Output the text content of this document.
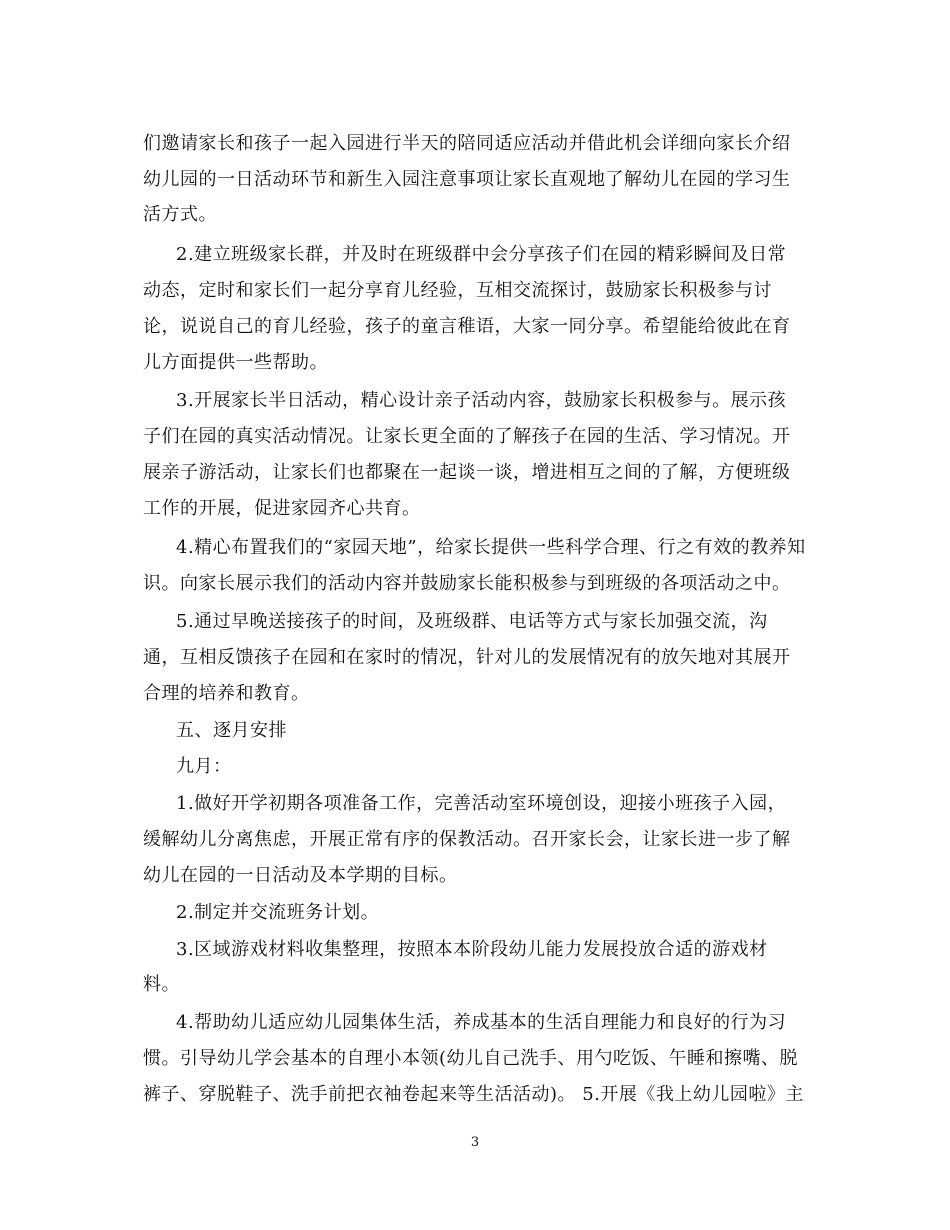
们邀请家长和孩子一起入园进行半天的陪同适应活动并借此机会详细向家长介绍
幼儿园的一日活动环节和新生入园注意事项让家长直观地了解幼儿在园的学习生
活方式。
2.建立班级家长群，并及时在班级群中会分享孩子们在园的精彩瞬间及日常
动态，定时和家长们一起分享育儿经验，互相交流探讨，鼓励家长积极参与讨
论，说说自己的育儿经验，孩子的童言稚语，大家一同分享。希望能给彼此在育
儿方面提供一些帮助。
3.开展家长半日活动，精心设计亲子活动内容，鼓励家长积极参与。展示孩
子们在园的真实活动情况。让家长更全面的了解孩子在园的生活、学习情况。开
展亲子游活动，让家长们也都聚在一起谈一谈，增进相互之间的了解，方便班级
工作的开展，促进家园齐心共育。
4.精心布置我们的“家园天地”，给家长提供一些科学合理、行之有效的教养知
识。向家长展示我们的活动内容并鼓励家长能积极参与到班级的各项活动之中。
5.通过早晚送接孩子的时间，及班级群、电话等方式与家长加强交流，沟
通，互相反馈孩子在园和在家时的情况，针对儿的发展情况有的放矢地对其展开
合理的培养和教育。
五、逐月安排
九月：
1.做好开学初期各项准备工作，完善活动室环境创设，迎接小班孩子入园，
缓解幼儿分离焦虑，开展正常有序的保教活动。召开家长会，让家长进一步了解
幼儿在园的一日活动及本学期的目标。
2.制定并交流班务计划。
3.区域游戏材料收集整理，按照本本阶段幼儿能力发展投放合适的游戏材
料。
4.帮助幼儿适应幼儿园集体生活，养成基本的生活自理能力和良好的行为习
惯。引导幼儿学会基本的自理小本领(幼儿自己洗手、用勺吃饭、午睡和擦嘴、脱
裤子、穿脱鞋子、洗手前把衣袖卷起来等生活活动)。 5.开展《我上幼儿园啦》主
3
